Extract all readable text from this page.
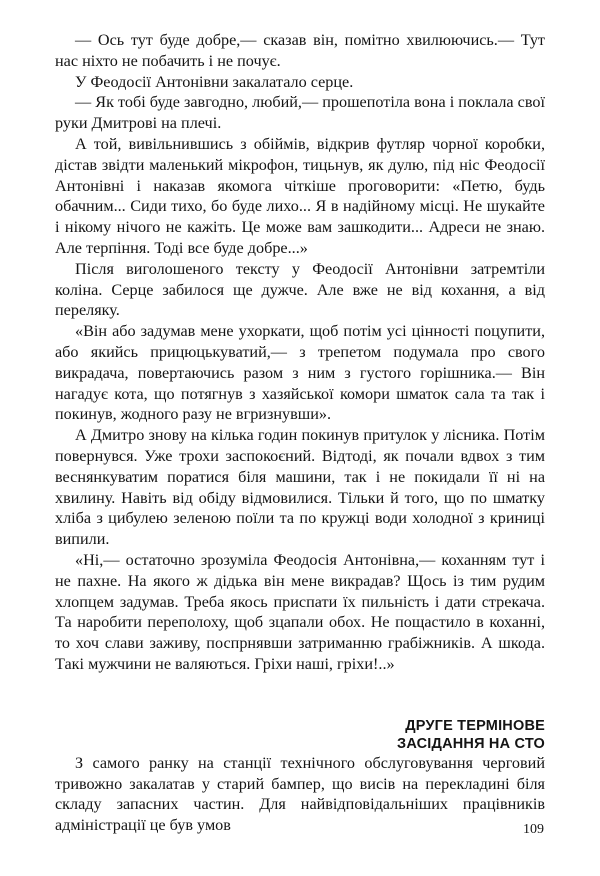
— Ось тут буде добре,— сказав він, помітно хвилюючись.— Тут нас ніхто не побачить і не почує.

У Феодосії Антонівни закалатало серце.

— Як тобі буде завгодно, любий,— прошепотіла вона і поклала свої руки Дмитрові на плечі.

А той, вивільнившись з обіймів, відкрив футляр чорної коробки, дістав звідти маленький мікрофон, тицьнув, як дулю, під ніс Феодосії Антонівні і наказав якомога чіткіше проговорити: «Петю, будь обачним... Сиди тихо, бо буде лихо... Я в надійному місці. Не шукайте і нікому нічого не кажіть. Це може вам зашкодити... Адреси не знаю. Але терпіння. Тоді все буде добре...»

Після виголошеного тексту у Феодосії Антонівни затремтіли коліна. Серце забилося ще дужче. Але вже не від кохання, а від переляку.

«Він або задумав мене ухоркати, щоб потім усі цінності поцупити, або якийсь прицюцькуватий,— з трепетом подумала про свого викрадача, повертаючись разом з ним з густого горішника.— Він нагадує кота, що потягнув з хазяйської комори шматок сала та так і покинув, жодного разу не вгризнувши».

А Дмитро знову на кілька годин покинув притулок у лісника. Потім повернувся. Уже трохи заспокоєний. Відтоді, як почали вдвох з тим веснянкуватим поратися біля машини, так і не покидали її ні на хвилину. Навіть від обіду відмовилися. Тільки й того, що по шматку хліба з цибулею зеленою поїли та по кружці води холодної з криниці випили.

«Ні,— остаточно зрозуміла Феодосія Антонівна,— коханням тут і не пахне. На якого ж дідька він мене викрадав? Щось із тим рудим хлопцем задумав. Треба якось приспати їх пильність і дати стрекача. Та наробити переполоху, щоб зцапали обох. Не пощастило в коханні, то хоч слави заживу, поспрнявши затриманню грабіжників. А шкода. Такі мужчини не валяються. Гріхи наші, гріхи!..»

ДРУГЕ ТЕРМІНОВЕ
ЗАСІДАННЯ НА СТО

З самого ранку на станції технічного обслуговування черговий тривожно закалатав у старий бампер, що висів на перекладині біля складу запасних частин. Для найвідповідальніших працівників адміністрації це був умов	109
